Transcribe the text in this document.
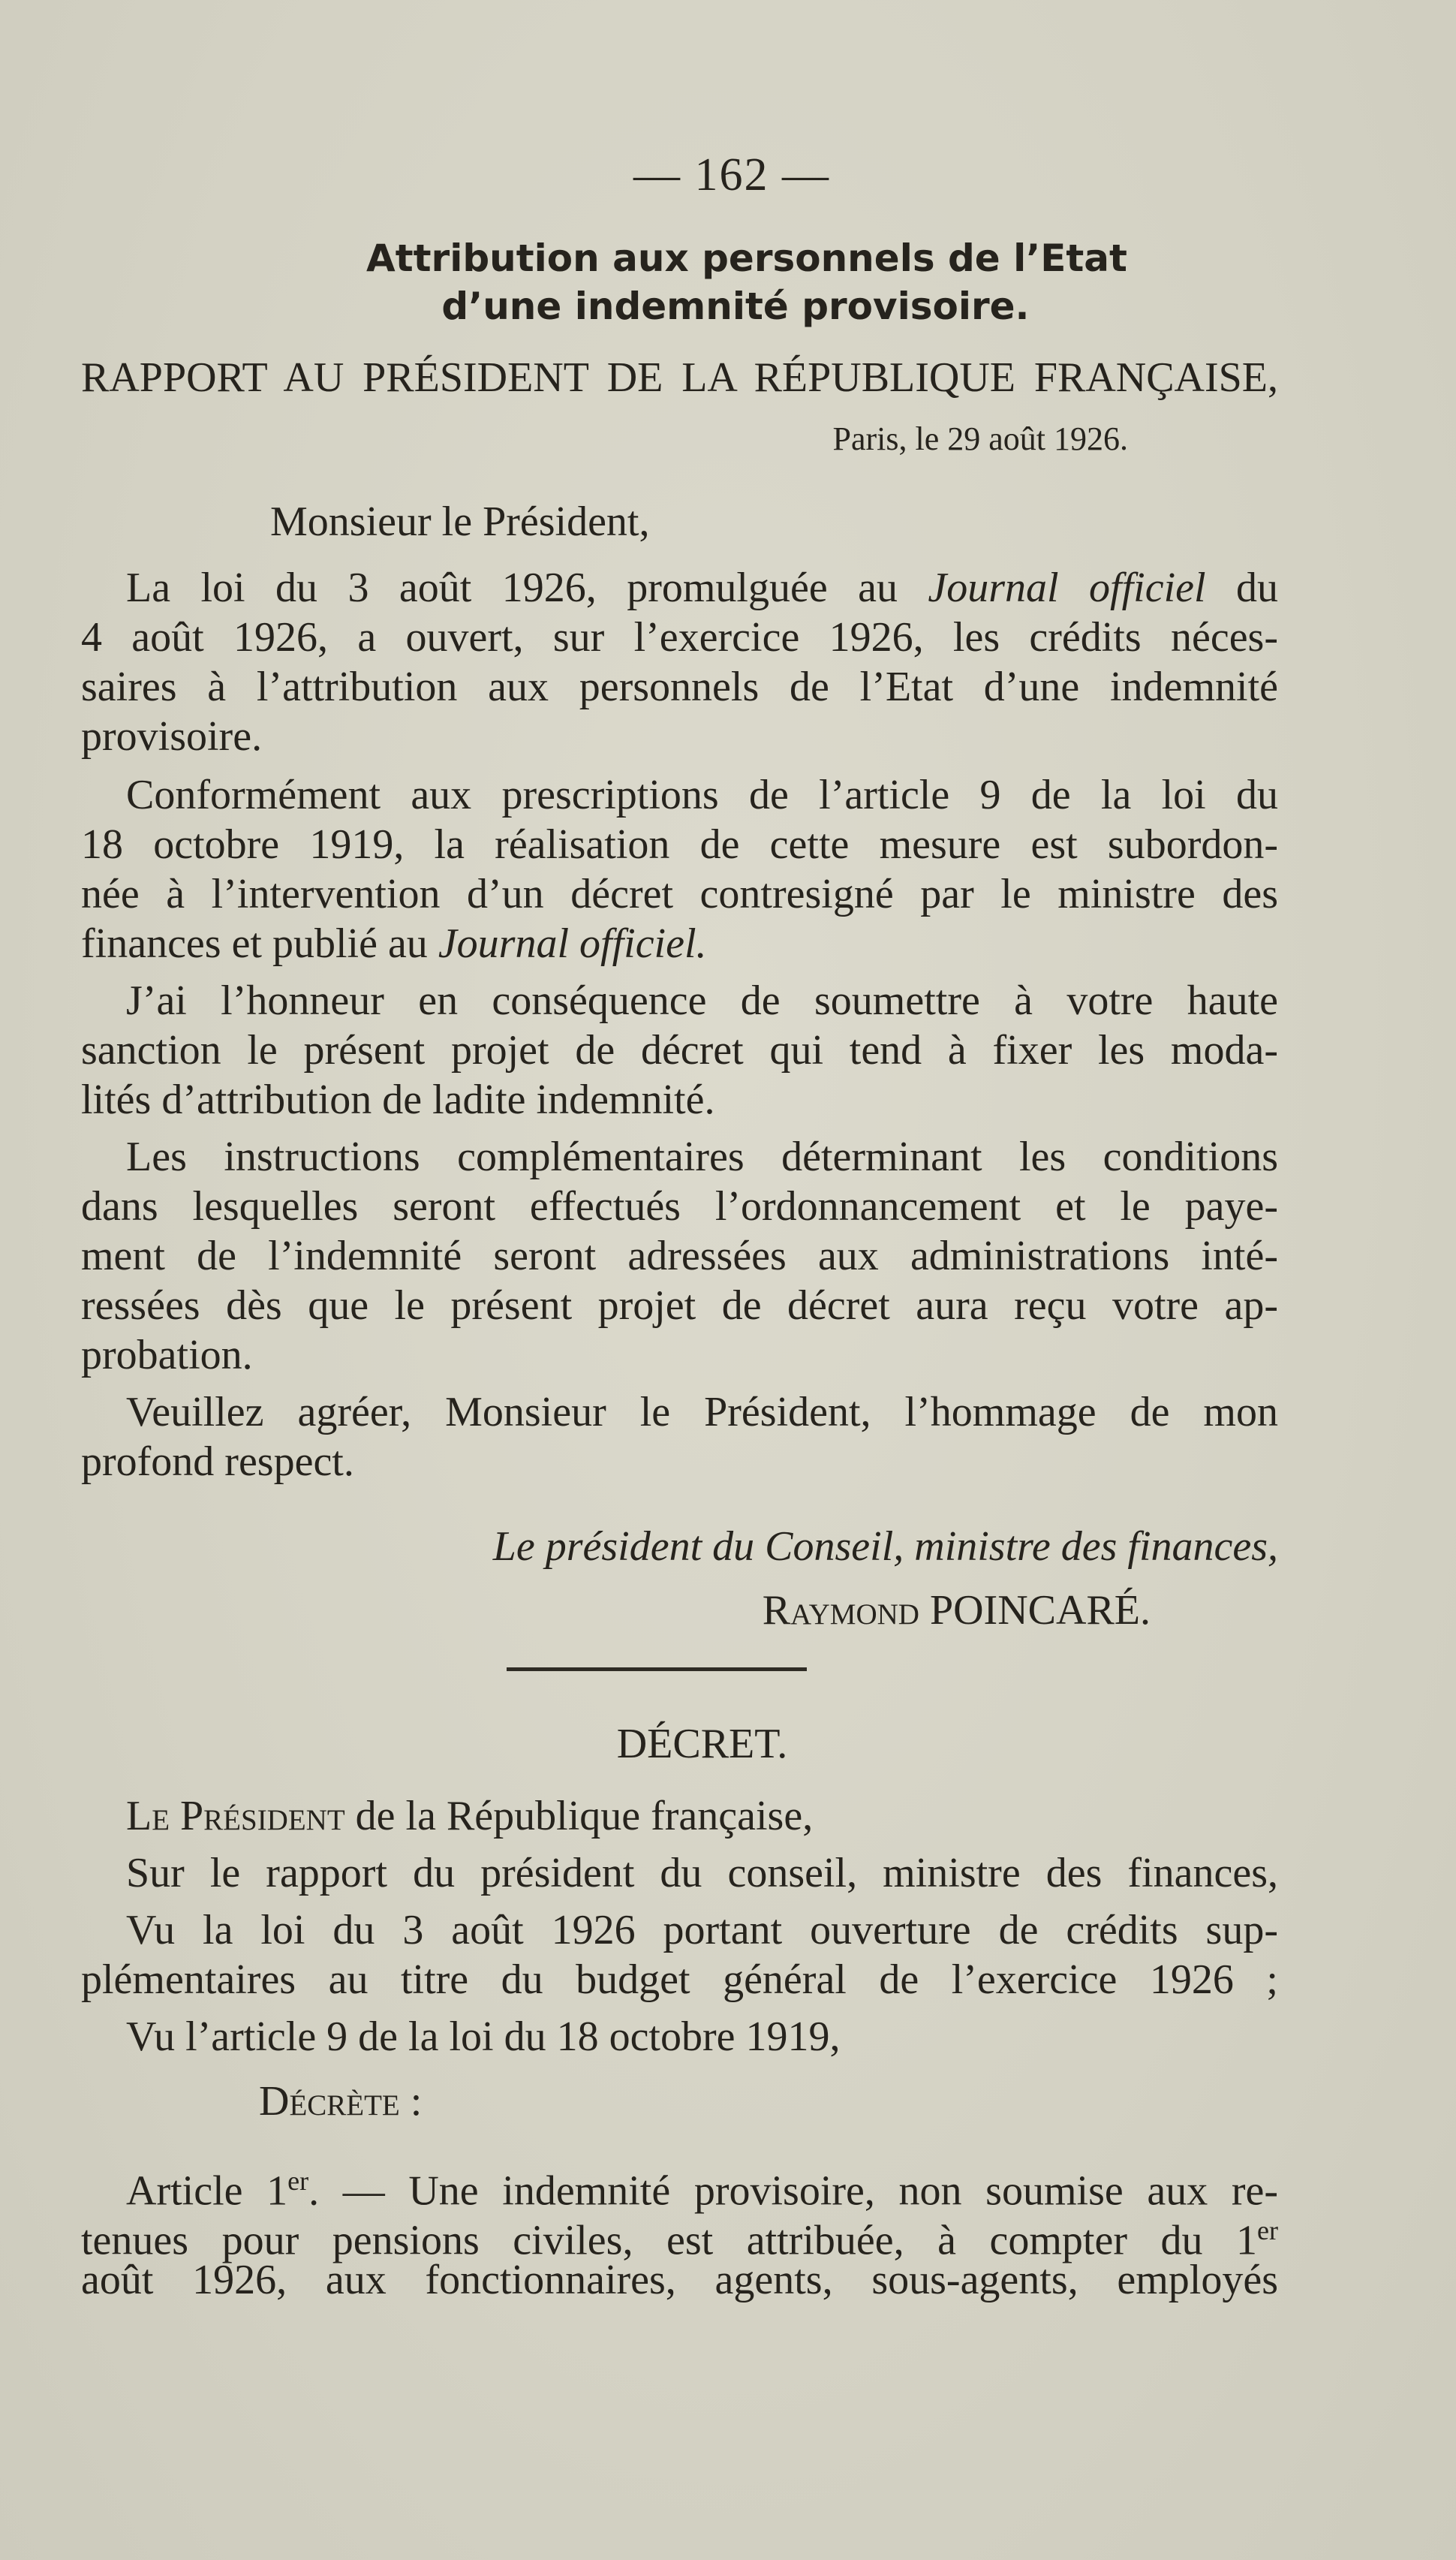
— 162 —
Attribution aux personnels de l’Etat
d’une indemnité provisoire.
RAPPORT AU PRÉSIDENT DE LA RÉPUBLIQUE FRANÇAISE,
Paris, le 29 août 1926.
Monsieur le Président,
La loi du 3 août 1926, promulguée au Journal officiel du
4 août 1926, a ouvert, sur l’exercice 1926, les crédits néces-
saires à l’attribution aux personnels de l’Etat d’une indemnité
provisoire.
Conformément aux prescriptions de l’article 9 de la loi du
18 octobre 1919, la réalisation de cette mesure est subordon-
née à l’intervention d’un décret contresigné par le ministre des
finances et publié au Journal officiel.
J’ai l’honneur en conséquence de soumettre à votre haute
sanction le présent projet de décret qui tend à fixer les moda-
lités d’attribution de ladite indemnité.
Les instructions complémentaires déterminant les conditions
dans lesquelles seront effectués l’ordonnancement et le paye-
ment de l’indemnité seront adressées aux administrations inté-
ressées dès que le présent projet de décret aura reçu votre ap-
probation.
Veuillez agréer, Monsieur le Président, l’hommage de mon
profond respect.
Le président du Conseil, ministre des finances,
Raymond POINCARÉ.
DÉCRET.
Le Président de la République française,
Sur le rapport du président du conseil, ministre des finances,
Vu la loi du 3 août 1926 portant ouverture de crédits sup-
plémentaires au titre du budget général de l’exercice 1926 ;
Vu l’article 9 de la loi du 18 octobre 1919,
Décrète :
Article 1er. — Une indemnité provisoire, non soumise aux re-
tenues pour pensions civiles, est attribuée, à compter du 1er
août 1926, aux fonctionnaires, agents, sous-agents, employés
